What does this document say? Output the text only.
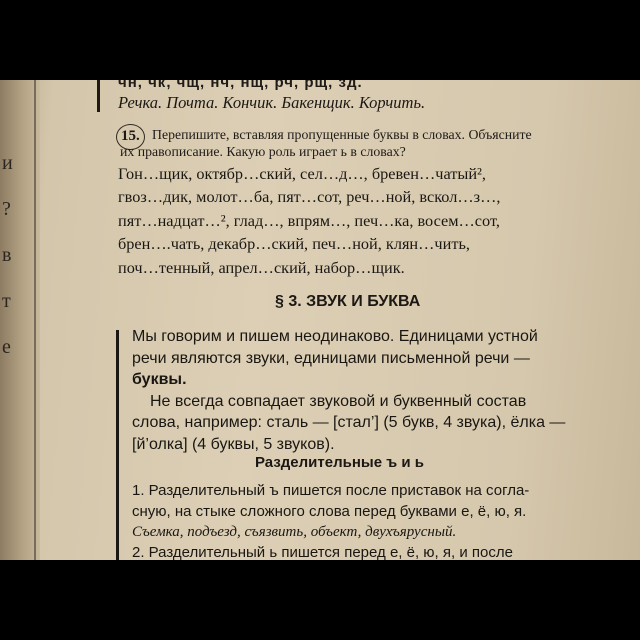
и
?
в
т
е
чн, чк, чщ, нч, нщ, рч, рщ, зд.
Речка. Почта. Кончик. Бакенщик. Корчить.
15. Перепишите, вставляя пропущенные буквы в словах. Объясните
их правописание. Какую роль играет ь в словах?
Гон…щик, октябр…ский, сел…д…, бревен…чатый²,
гвоз…дик, молот…ба, пят…сот, реч…ной, вскол…з…,
пят…надцат…², глад…, впрям…, печ…ка, восем…сот,
брен….чать, декабр…ский, печ…ной, клян…чить,
поч…тенный, апрел…ский, набор…щик.
§ 3. ЗВУК И БУКВА
Мы говорим и пишем неодинаково. Единицами устной
речи являются звуки, единицами письменной речи —
буквы.
Не всегда совпадает звуковой и буквенный состав
слова, например: сталь — [стал’] (5 букв, 4 звука), ёлка —
[й’олка] (4 буквы, 5 звуков).
Разделительные ъ и ь
1. Разделительный ъ пишется после приставок на согла-
сную, на стыке сложного слова перед буквами е, ё, ю, я.
Съемка, подъезд, съязвить, объект, двухъярусный.
2. Разделительный ь пишется перед е, ё, ю, я, и после
